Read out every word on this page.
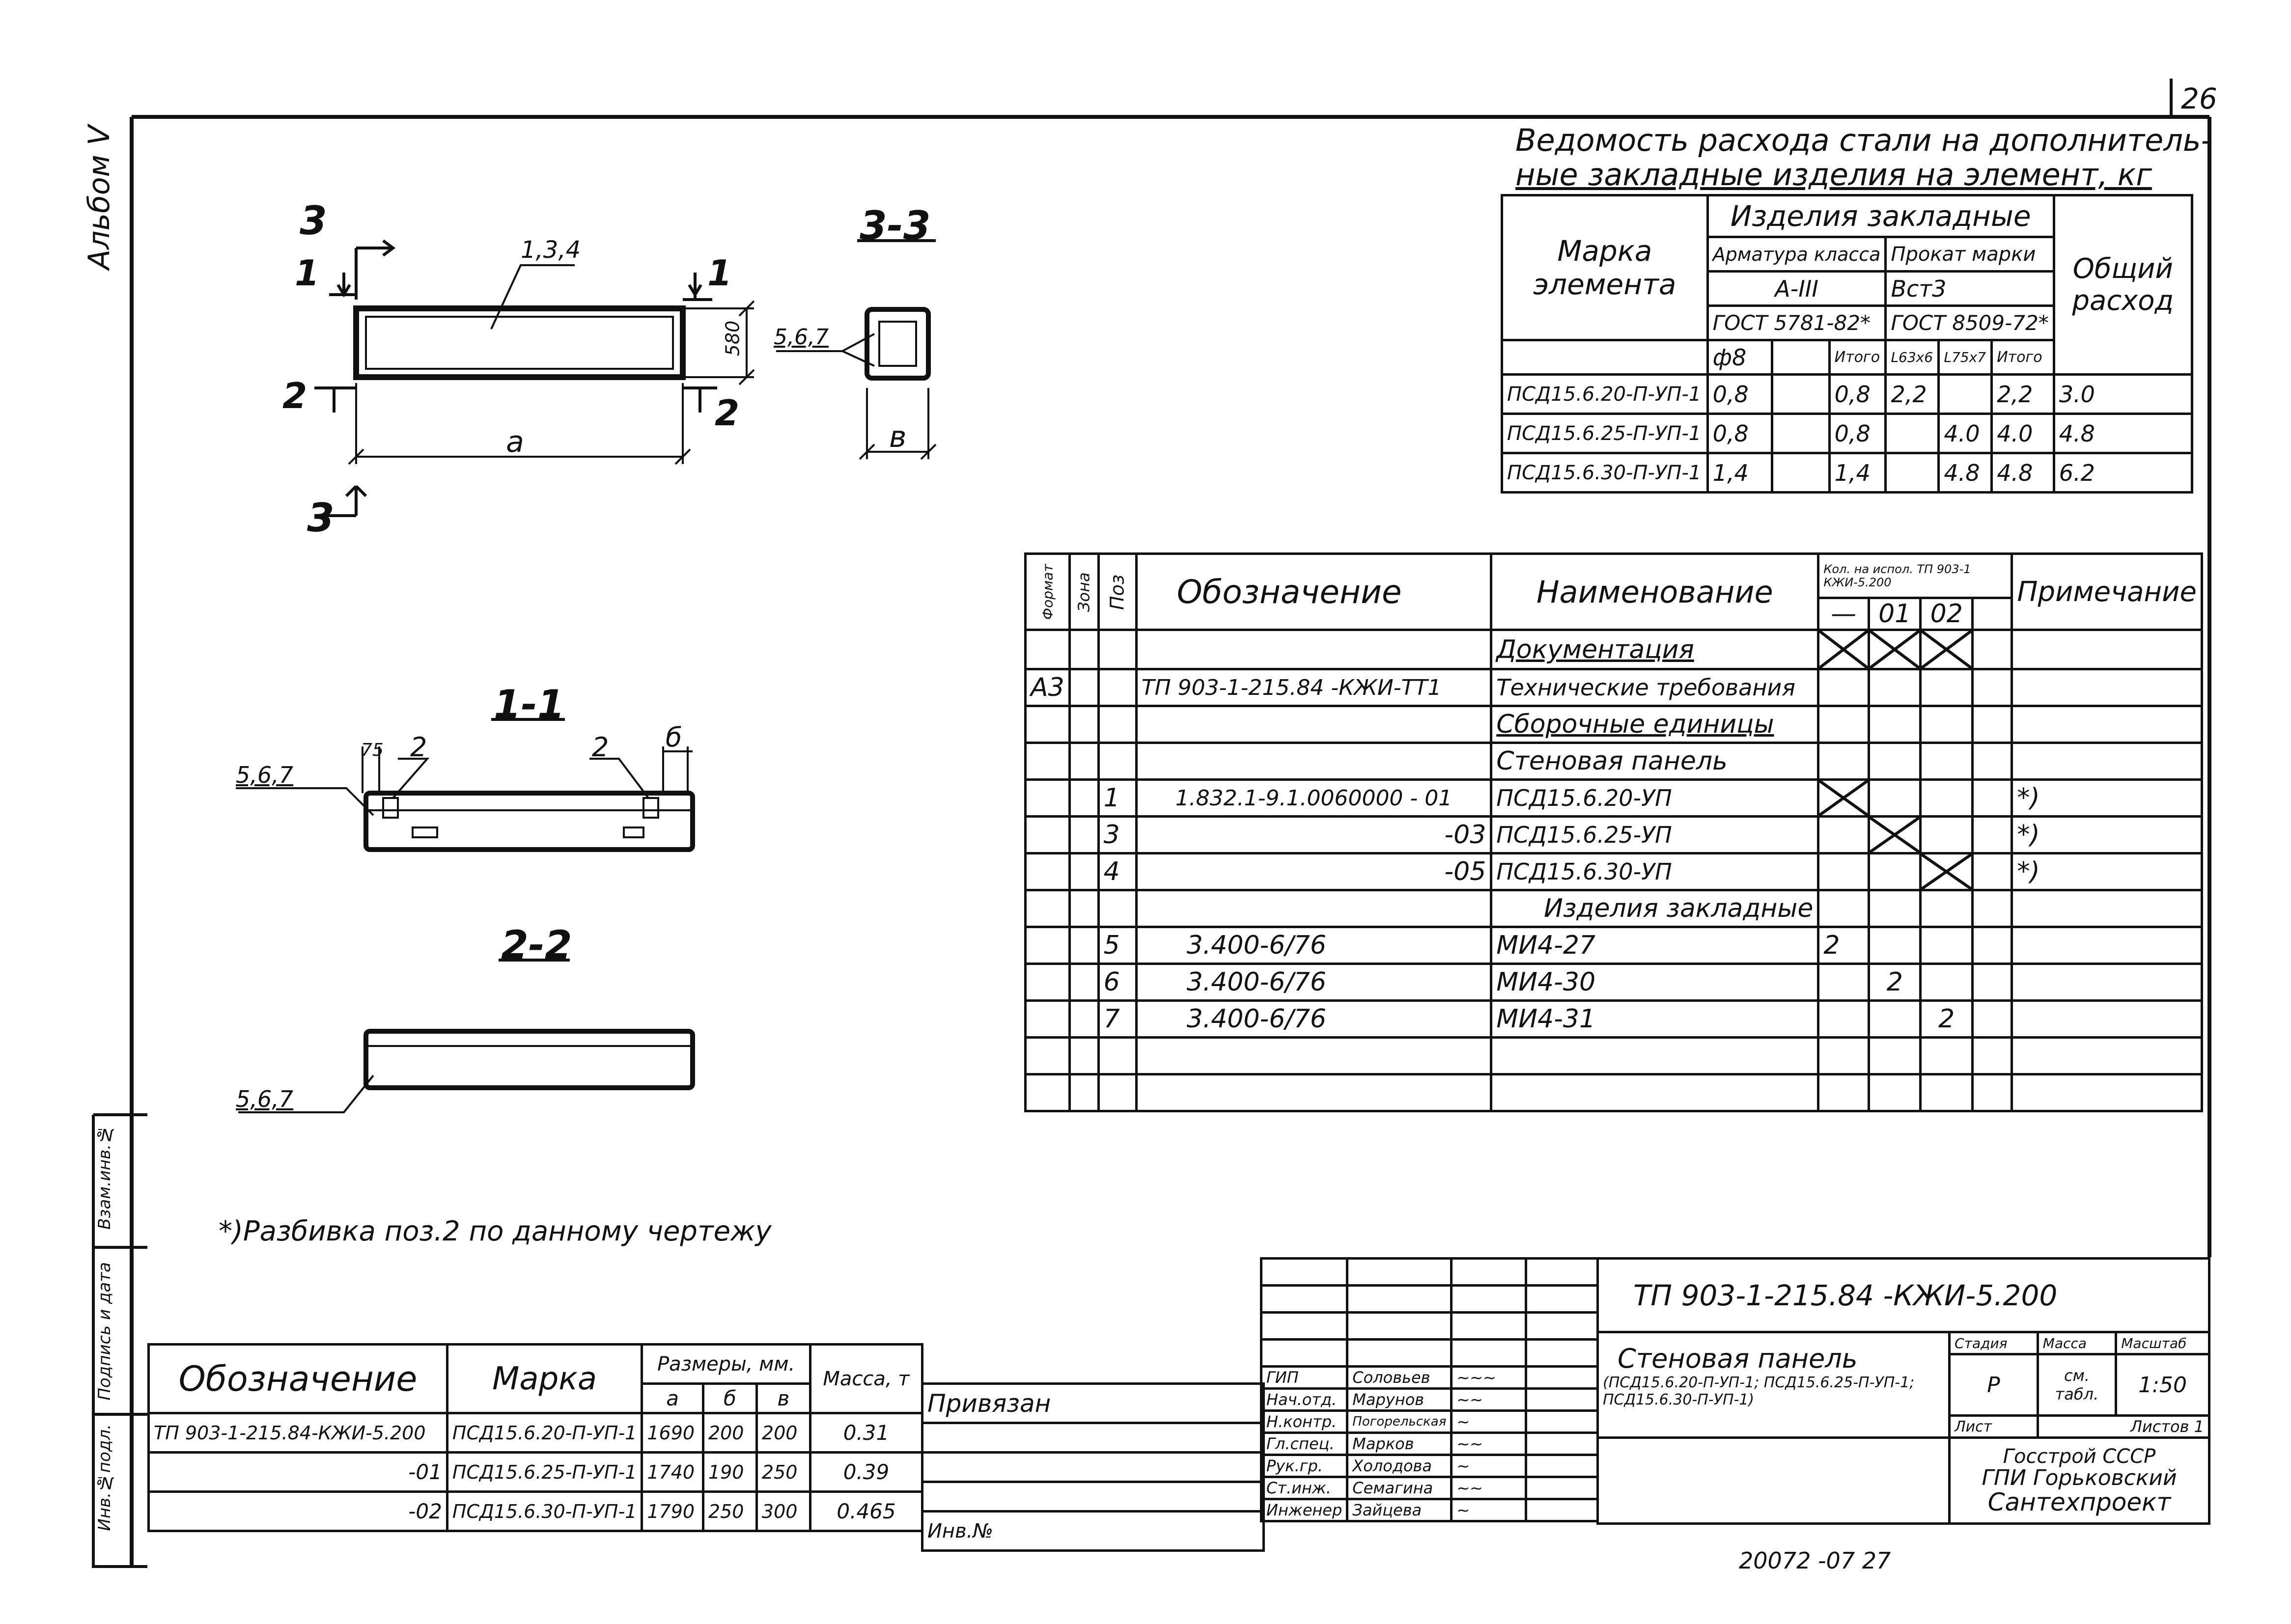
26
Альбом V
Инв.№подл.
Подпись и дата
Взам.инв.№
20072 -07 27
3
1	1
2	2
3
3-3
1-1
2-2
1,3,4
580
a	в
5,6,7
5,6,7
75 2	2 б
5,6,7
*)Разбивка поз.2 по данному чертежу
Ведомость расхода стали на дополнитель-
ные закладные изделия на элемент, кг
Марка элемента	Изделия закладные						Общий расход
	Арматура класса			Прокат марки			
	А-III			Вст3			
	ГОСТ 5781-82*			ГОСТ 8509-72*			
	ф8		Итого	L63x6	L75x7	Итого	
ПСД15.6.20-П-УП-1	0,8		0,8	2,2		2,2	3.0
ПСД15.6.25-П-УП-1	0,8		0,8		4.0	4.0	4.8
ПСД15.6.30-П-УП-1	1,4		1,4		4.8	4.8	6.2
Формат	Зона	Поз	Обозначение	Наименование	Кол. на испол. ТП 903-1 КЖИ-5.200				Примечание
					—	01	02		
				Документация					
А3			ТП 903-1-215.84 -КЖИ-ТТ1	Технические требования					
				Сборочные единицы					
				Стеновая панель					
		1	1.832.1-9.1.0060000 - 01	ПСД15.6.20-УП					*)
		3	-03	ПСД15.6.25-УП					*)
		4	-05	ПСД15.6.30-УП					*)
				Изделия закладные					
		5	3.400-6/76	МИ4-27	2				
		6	3.400-6/76	МИ4-30		2			
		7	3.400-6/76	МИ4-31			2		

Обозначение	Марка	Размеры, мм.			Масса, т
		a	б	в	
ТП 903-1-215.84-КЖИ-5.200	ПСД15.6.20-П-УП-1	1690	200	200	0.31
-01	ПСД15.6.25-П-УП-1	1740	190	250	0.39
-02	ПСД15.6.30-П-УП-1	1790	250	300	0.465
Привязан

Инв.№

ГИП	Соловьев	~~~	
Нач.отд.	Марунов	~~	
Н.контр.	Погорельская	~	
Гл.спец.	Марков	~~	
Рук.гр.	Холодова	~	
Ст.инж.	Семагина	~~	
Инженер	Зайцева	~	
ТП 903-1-215.84 -КЖИ-5.200			

Стеновая панель
(ПСД15.6.20-П-УП-1; ПСД15.6.25-П-УП-1;
ПСД15.6.30-П-УП-1)	Стадия	Масса	Масштаб
	Р	см. табл.	1:50
	Лист	Листов 1	

	Госстрой СССР
ГПИ Горьковский
Сантехпроект		
